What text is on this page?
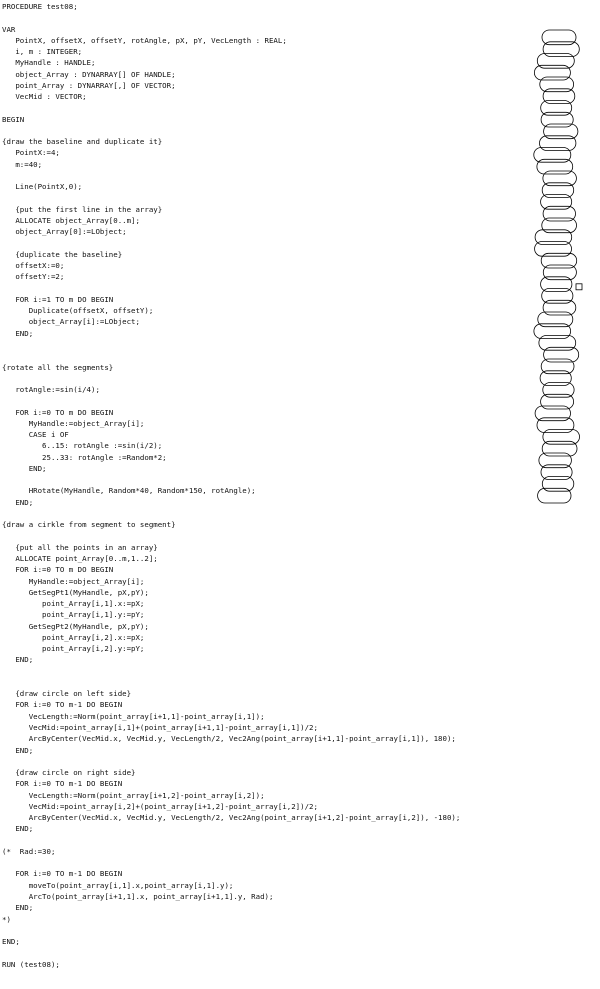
PROCEDURE test08;
VAR
PointX, offsetX, offsetY, rotAngle, pX, pY, VecLength : REAL;
i, m : INTEGER;
MyHandle : HANDLE;
object_Array : DYNARRAY[] OF HANDLE;
point_Array : DYNARRAY[,] OF VECTOR;
VecMid : VECTOR;
BEGIN
{draw the baseline and duplicate it}
PointX:=4;
m:=40;
Line(PointX,0);
{put the first line in the array}
ALLOCATE object_Array[0..m];
object_Array[0]:=LObject;
{duplicate the baseline}
offsetX:=0;
offsetY:=2;
FOR i:=1 TO m DO BEGIN
Duplicate(offsetX, offsetY);
object_Array[i]:=LObject;
END;
{rotate all the segments}
rotAngle:=sin(i/4);
FOR i:=0 TO m DO BEGIN
MyHandle:=object_Array[i];
CASE i OF
6..15: rotAngle :=sin(i/2);
25..33: rotAngle :=Random*2;
END;
HRotate(MyHandle, Random*40, Random*150, rotAngle);
END;
{draw a cirkle from segment to segment}
{put all the points in an array}
ALLOCATE point_Array[0..m,1..2];
FOR i:=0 TO m DO BEGIN
MyHandle:=object_Array[i];
GetSegPt1(MyHandle, pX,pY);
point_Array[i,1].x:=pX;
point_Array[i,1].y:=pY;
GetSegPt2(MyHandle, pX,pY);
point_Array[i,2].x:=pX;
point_Array[i,2].y:=pY;
END;
{draw circle on left side}
FOR i:=0 TO m-1 DO BEGIN
VecLength:=Norm(point_array[i+1,1]-point_array[i,1]);
VecMid:=point_array[i,1]+(point_array[i+1,1]-point_array[i,1])/2;
ArcByCenter(VecMid.x, VecMid.y, VecLength/2, Vec2Ang(point_array[i+1,1]-point_array[i,1]), 180);
END;
{draw circle on right side}
FOR i:=0 TO m-1 DO BEGIN
VecLength:=Norm(point_array[i+1,2]-point_array[i,2]);
VecMid:=point_array[i,2]+(point_array[i+1,2]-point_array[i,2])/2;
ArcByCenter(VecMid.x, VecMid.y, VecLength/2, Vec2Ang(point_array[i+1,2]-point_array[i,2]), -180);
END;
(*  Rad:=30;
FOR i:=0 TO m-1 DO BEGIN
moveTo(point_array[i,1].x,point_array[i,1].y);
ArcTo(point_array[i+1,1].x, point_array[i+1,1].y, Rad);
END;
*)
END;
RUN (test08);
